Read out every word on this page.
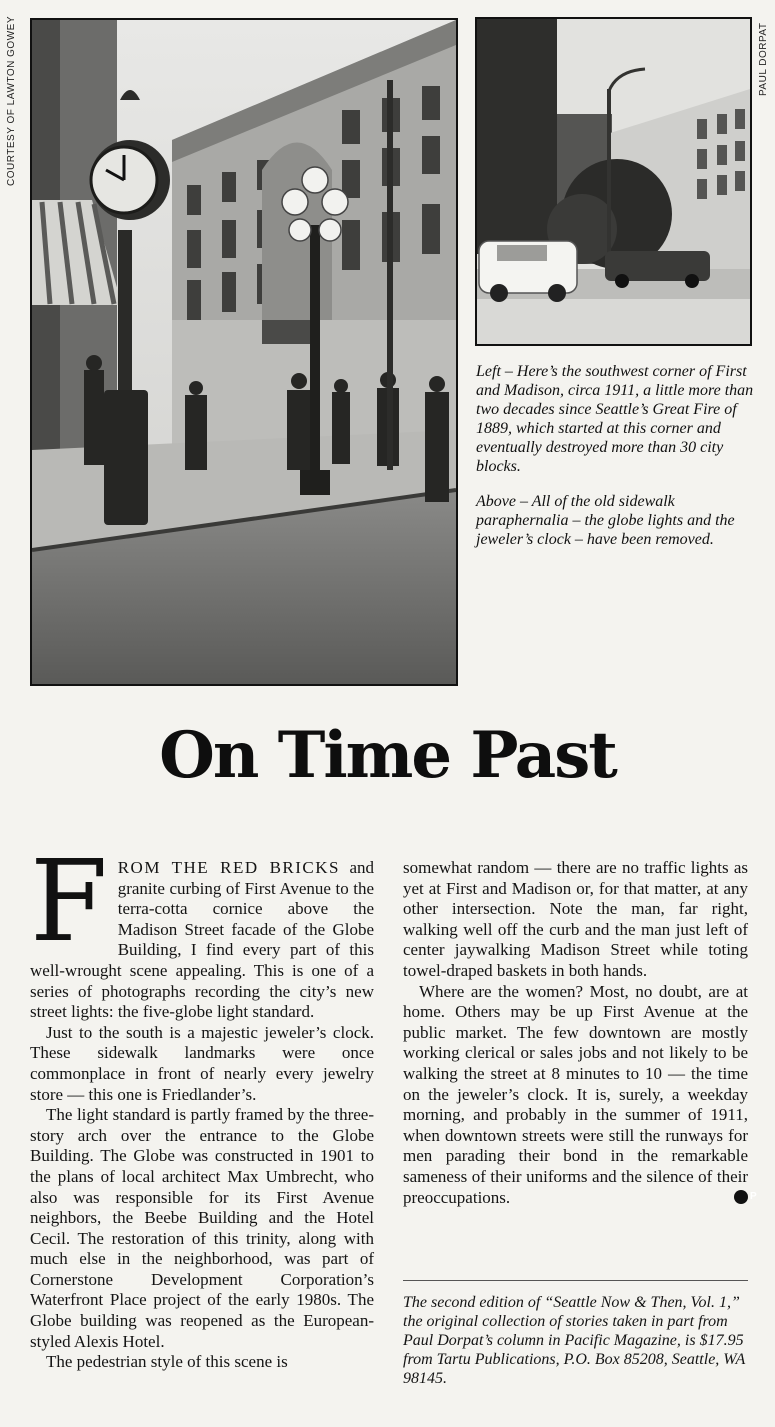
COURTESY OF LAWTON GOWEY	PAUL DORPAT

Left – Here’s the southwest corner of First and Madison, circa 1911, a little more than two decades since Seattle’s Great Fire of 1889, which started at this corner and eventually destroyed more than 30 city blocks.

Above – All of the old sidewalk paraphernalia – the globe lights and the jeweler’s clock – have been removed.

On Time Past

FROM THE RED BRICKS and granite curbing of First Avenue to the terra-cotta cornice above the Madison Street facade of the Globe Building, I find every part of this well-wrought scene appealing. This is one of a series of photographs recording the city’s new street lights: the five-globe light standard.

Just to the south is a majestic jeweler’s clock. These sidewalk landmarks were once commonplace in front of nearly every jewelry store — this one is Friedlander’s.

The light standard is partly framed by the three-story arch over the entrance to the Globe Building. The Globe was constructed in 1901 to the plans of local architect Max Umbrecht, who also was responsible for its First Avenue neighbors, the Beebe Building and the Hotel Cecil. The restoration of this trinity, along with much else in the neighborhood, was part of Cornerstone Development Corporation’s Waterfront Place project of the early 1980s. The Globe building was reopened as the European-styled Alexis Hotel.

The pedestrian style of this scene is

somewhat random — there are no traffic lights as yet at First and Madison or, for that matter, at any other intersection. Note the man, far right, walking well off the curb and the man just left of center jaywalking Madison Street while toting towel-draped baskets in both hands.

Where are the women? Most, no doubt, are at home. Others may be up First Avenue at the public market. The few downtown are mostly working clerical or sales jobs and not likely to be walking the street at 8 minutes to 10 — the time on the jeweler’s clock. It is, surely, a weekday morning, and probably in the summer of 1911, when downtown streets were still the runways for men parading their bond in the remarkable sameness of their uniforms and the silence of their preoccupations.	P

The second edition of “Seattle Now & Then, Vol. 1,” the original collection of stories taken in part from Paul Dorpat’s column in Pacific Magazine, is $17.95 from Tartu Publications, P.O. Box 85208, Seattle, WA 98145.
